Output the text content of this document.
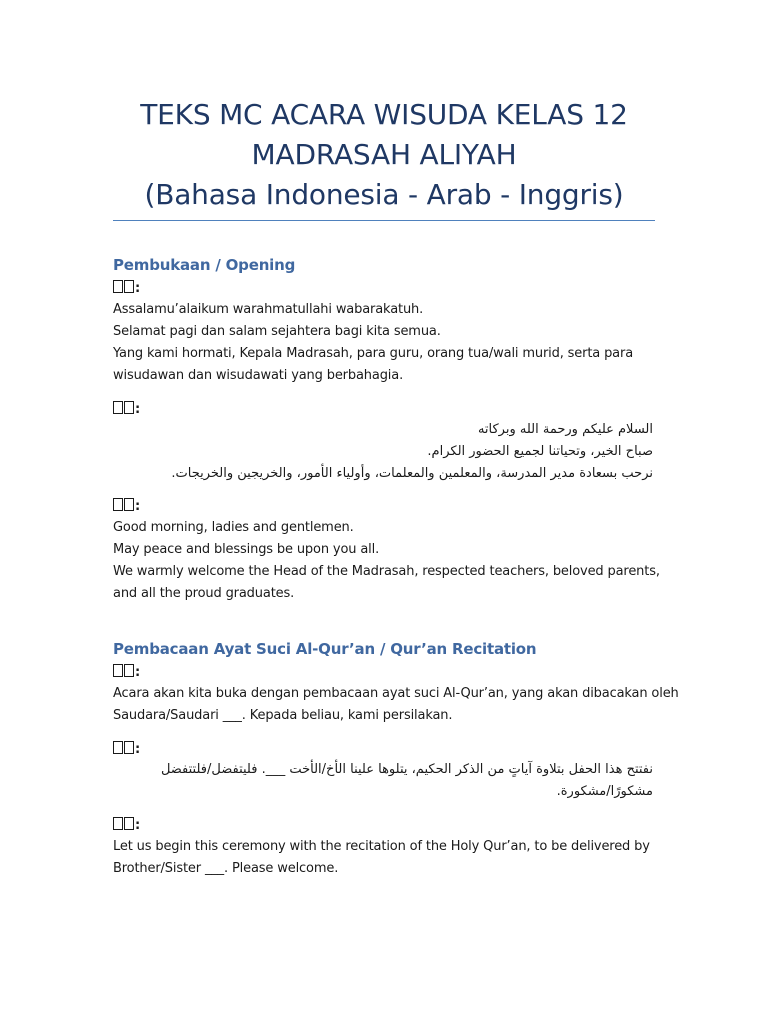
TEKS MC ACARA WISUDA KELAS 12
MADRASAH ALIYAH
(Bahasa Indonesia - Arab - Inggris)
Pembukaan / Opening
:
Assalamu’alaikum warahmatullahi wabarakatuh.
Selamat pagi dan salam sejahtera bagi kita semua.
Yang kami hormati, Kepala Madrasah, para guru, orang tua/wali murid, serta para
wisudawan dan wisudawati yang berbahagia.
:
السلام عليكم ورحمة الله وبركاته
صباح الخير، وتحياتنا لجميع الحضور الكرام.
نرحب بسعادة مدير المدرسة، والمعلمين والمعلمات، وأولياء الأمور، والخريجين والخريجات.
:
Good morning, ladies and gentlemen.
May peace and blessings be upon you all.
We warmly welcome the Head of the Madrasah, respected teachers, beloved parents,
and all the proud graduates.
Pembacaan Ayat Suci Al-Qur’an / Qur’an Recitation
:
Acara akan kita buka dengan pembacaan ayat suci Al-Qur’an, yang akan dibacakan oleh
Saudara/Saudari ___. Kepada beliau, kami persilakan.
:
نفتتح هذا الحفل بتلاوة آياتٍ من الذكر الحكيم، يتلوها علينا الأخ/الأخت ___. فليتفضل/فلتتفضل
مشكورًا/مشكورة.
:
Let us begin this ceremony with the recitation of the Holy Qur’an, to be delivered by
Brother/Sister ___. Please welcome.
